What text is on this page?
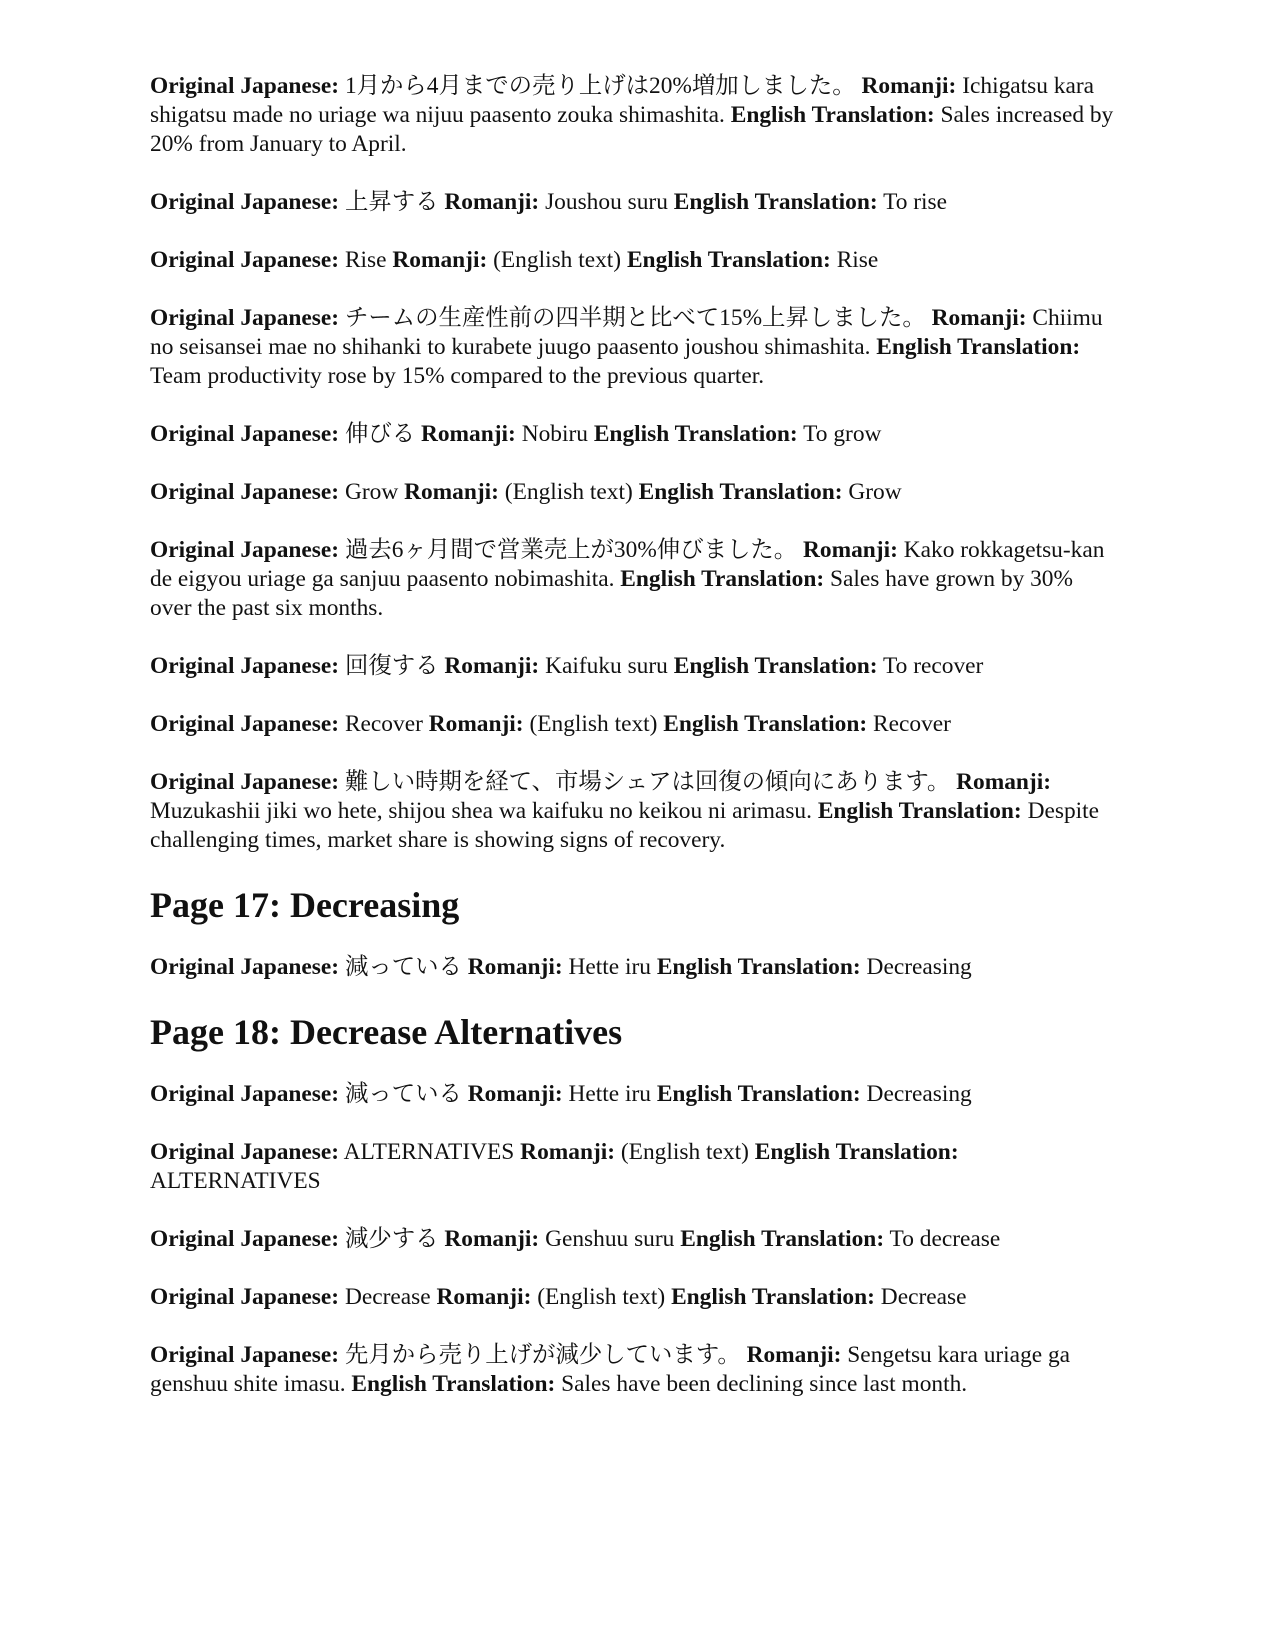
Original Japanese: 1月から4月までの売り上げは20%増加しました。 Romanji: Ichigatsu kara shigatsu made no uriage wa nijuu paasento zouka shimashita. English Translation: Sales increased by 20% from January to April.

Original Japanese: 上昇する Romanji: Joushou suru English Translation: To rise

Original Japanese: Rise Romanji: (English text) English Translation: Rise

Original Japanese: チームの生産性前の四半期と比べて15%上昇しました。 Romanji: Chiimu no seisansei mae no shihanki to kurabete juugo paasento joushou shimashita. English Translation: Team productivity rose by 15% compared to the previous quarter.

Original Japanese: 伸びる Romanji: Nobiru English Translation: To grow

Original Japanese: Grow Romanji: (English text) English Translation: Grow

Original Japanese: 過去6ヶ月間で営業売上が30%伸びました。 Romanji: Kako rokkagetsu-kan de eigyou uriage ga sanjuu paasento nobimashita. English Translation: Sales have grown by 30% over the past six months.

Original Japanese: 回復する Romanji: Kaifuku suru English Translation: To recover

Original Japanese: Recover Romanji: (English text) English Translation: Recover

Original Japanese: 難しい時期を経て、市場シェアは回復の傾向にあります。 Romanji: Muzukashii jiki wo hete, shijou shea wa kaifuku no keikou ni arimasu. English Translation: Despite challenging times, market share is showing signs of recovery.

Page 17: Decreasing

Original Japanese: 減っている Romanji: Hette iru English Translation: Decreasing

Page 18: Decrease Alternatives

Original Japanese: 減っている Romanji: Hette iru English Translation: Decreasing

Original Japanese: ALTERNATIVES Romanji: (English text) English Translation: ALTERNATIVES

Original Japanese: 減少する Romanji: Genshuu suru English Translation: To decrease

Original Japanese: Decrease Romanji: (English text) English Translation: Decrease

Original Japanese: 先月から売り上げが減少しています。 Romanji: Sengetsu kara uriage ga genshuu shite imasu. English Translation: Sales have been declining since last month.
